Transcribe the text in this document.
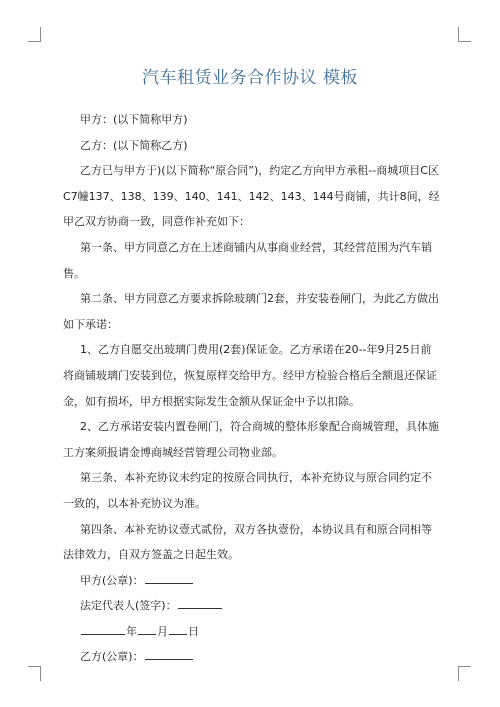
汽车租赁业务合作协议 模板

甲方：(以下简称甲方)

乙方：(以下简称乙方)

乙方已与甲方于)(以下简称“原合同”)，约定乙方向甲方承租--商城项目C区C7幢137、138、139、140、141、142、143、144号商铺，共计8间，经甲乙双方协商一致，同意作补充如下：

第一条、甲方同意乙方在上述商铺内从事商业经营，其经营范围为汽车销售。

第二条、甲方同意乙方要求拆除玻璃门2套，并安装卷闸门，为此乙方做出如下承诺：

1、乙方自愿交出玻璃门费用(2套)保证金。乙方承诺在20--年9月25日前将商铺玻璃门安装到位，恢复原样交给甲方。经甲方检验合格后全额退还保证金，如有损坏，甲方根据实际发生金额从保证金中予以扣除。

2、乙方承诺安装内置卷闸门，符合商城的整体形象配合商城管理，具体施工方案须报请金博商城经营管理公司物业部。

第三条、本补充协议未约定的按原合同执行，本补充协议与原合同约定不一致的，以本补充协议为准。

第四条、本补充协议壹式贰份，双方各执壹份，本协议具有和原合同相等法律效力，自双方签盖之日起生效。

甲方(公章)：

法定代表人(签字)：

年 月 日

乙方(公章)：
